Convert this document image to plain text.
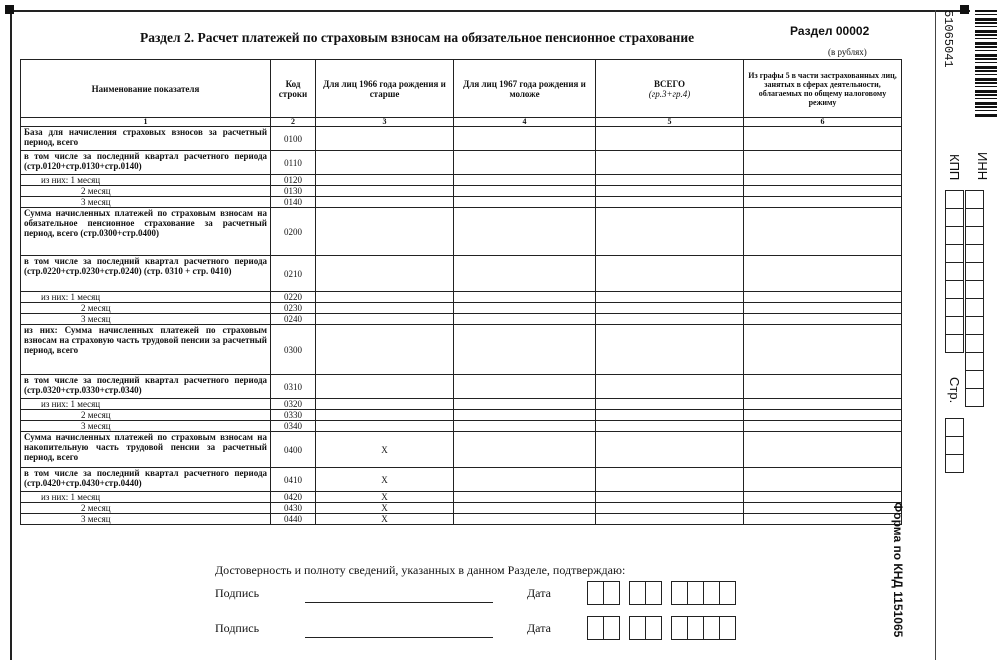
Раздел 00002
Раздел 2. Расчет платежей по страховым взносам на обязательное пенсионное страхование
(в рублях)
Наименование показателя	Код строки	Для лиц 1966 года рождения и старше	Для лиц 1967 года рождения и моложе	ВСЕГО
(гр.3+гр.4)	Из графы 5 в части застрахованных лиц, занятых в сферах деятельности, облагаемых по общему налоговому режиму
1	2	3	4	5	6
База для начисления страховых взносов за расчетный период, всего	0100				
в том числе за последний квартал расчетного периода (стр.0120+стр.0130+стр.0140)	0110				
из них: 1 месяц	0120				
2 месяц	0130				
3 месяц	0140				
Сумма начисленных платежей по страховым взносам на обязательное пенсионное страхование за расчетный период, всего (стр.0300+стр.0400)	0200				
в том числе за последний квартал расчетного периода (стр.0220+стр.0230+стр.0240) (стр. 0310 + стр. 0410)	0210				
из них: 1 месяц	0220				
2 месяц	0230				
3 месяц	0240				
из них: Сумма начисленных платежей по страховым взносам на страховую часть трудовой пенсии за расчетный период, всего	0300				
в том числе за последний квартал расчетного периода (стр.0320+стр.0330+стр.0340)	0310				
из них: 1 месяц	0320				
2 месяц	0330				
3 месяц	0340				
Сумма начисленных платежей по страховым взносам на накопительную часть трудовой пенсии за расчетный период, всего	0400	X			
в том числе за последний квартал расчетного периода (стр.0420+стр.0430+стр.0440)	0410	X			
из них: 1 месяц	0420	X			
2 месяц	0430	X			
3 месяц	0440	X			
Достоверность и полноту сведений, указанных в данном Разделе, подтверждаю:
Подпись	Дата
Подпись	Дата
51065041
ИНН
КПП
Стр.
Форма по КНД 1151065
